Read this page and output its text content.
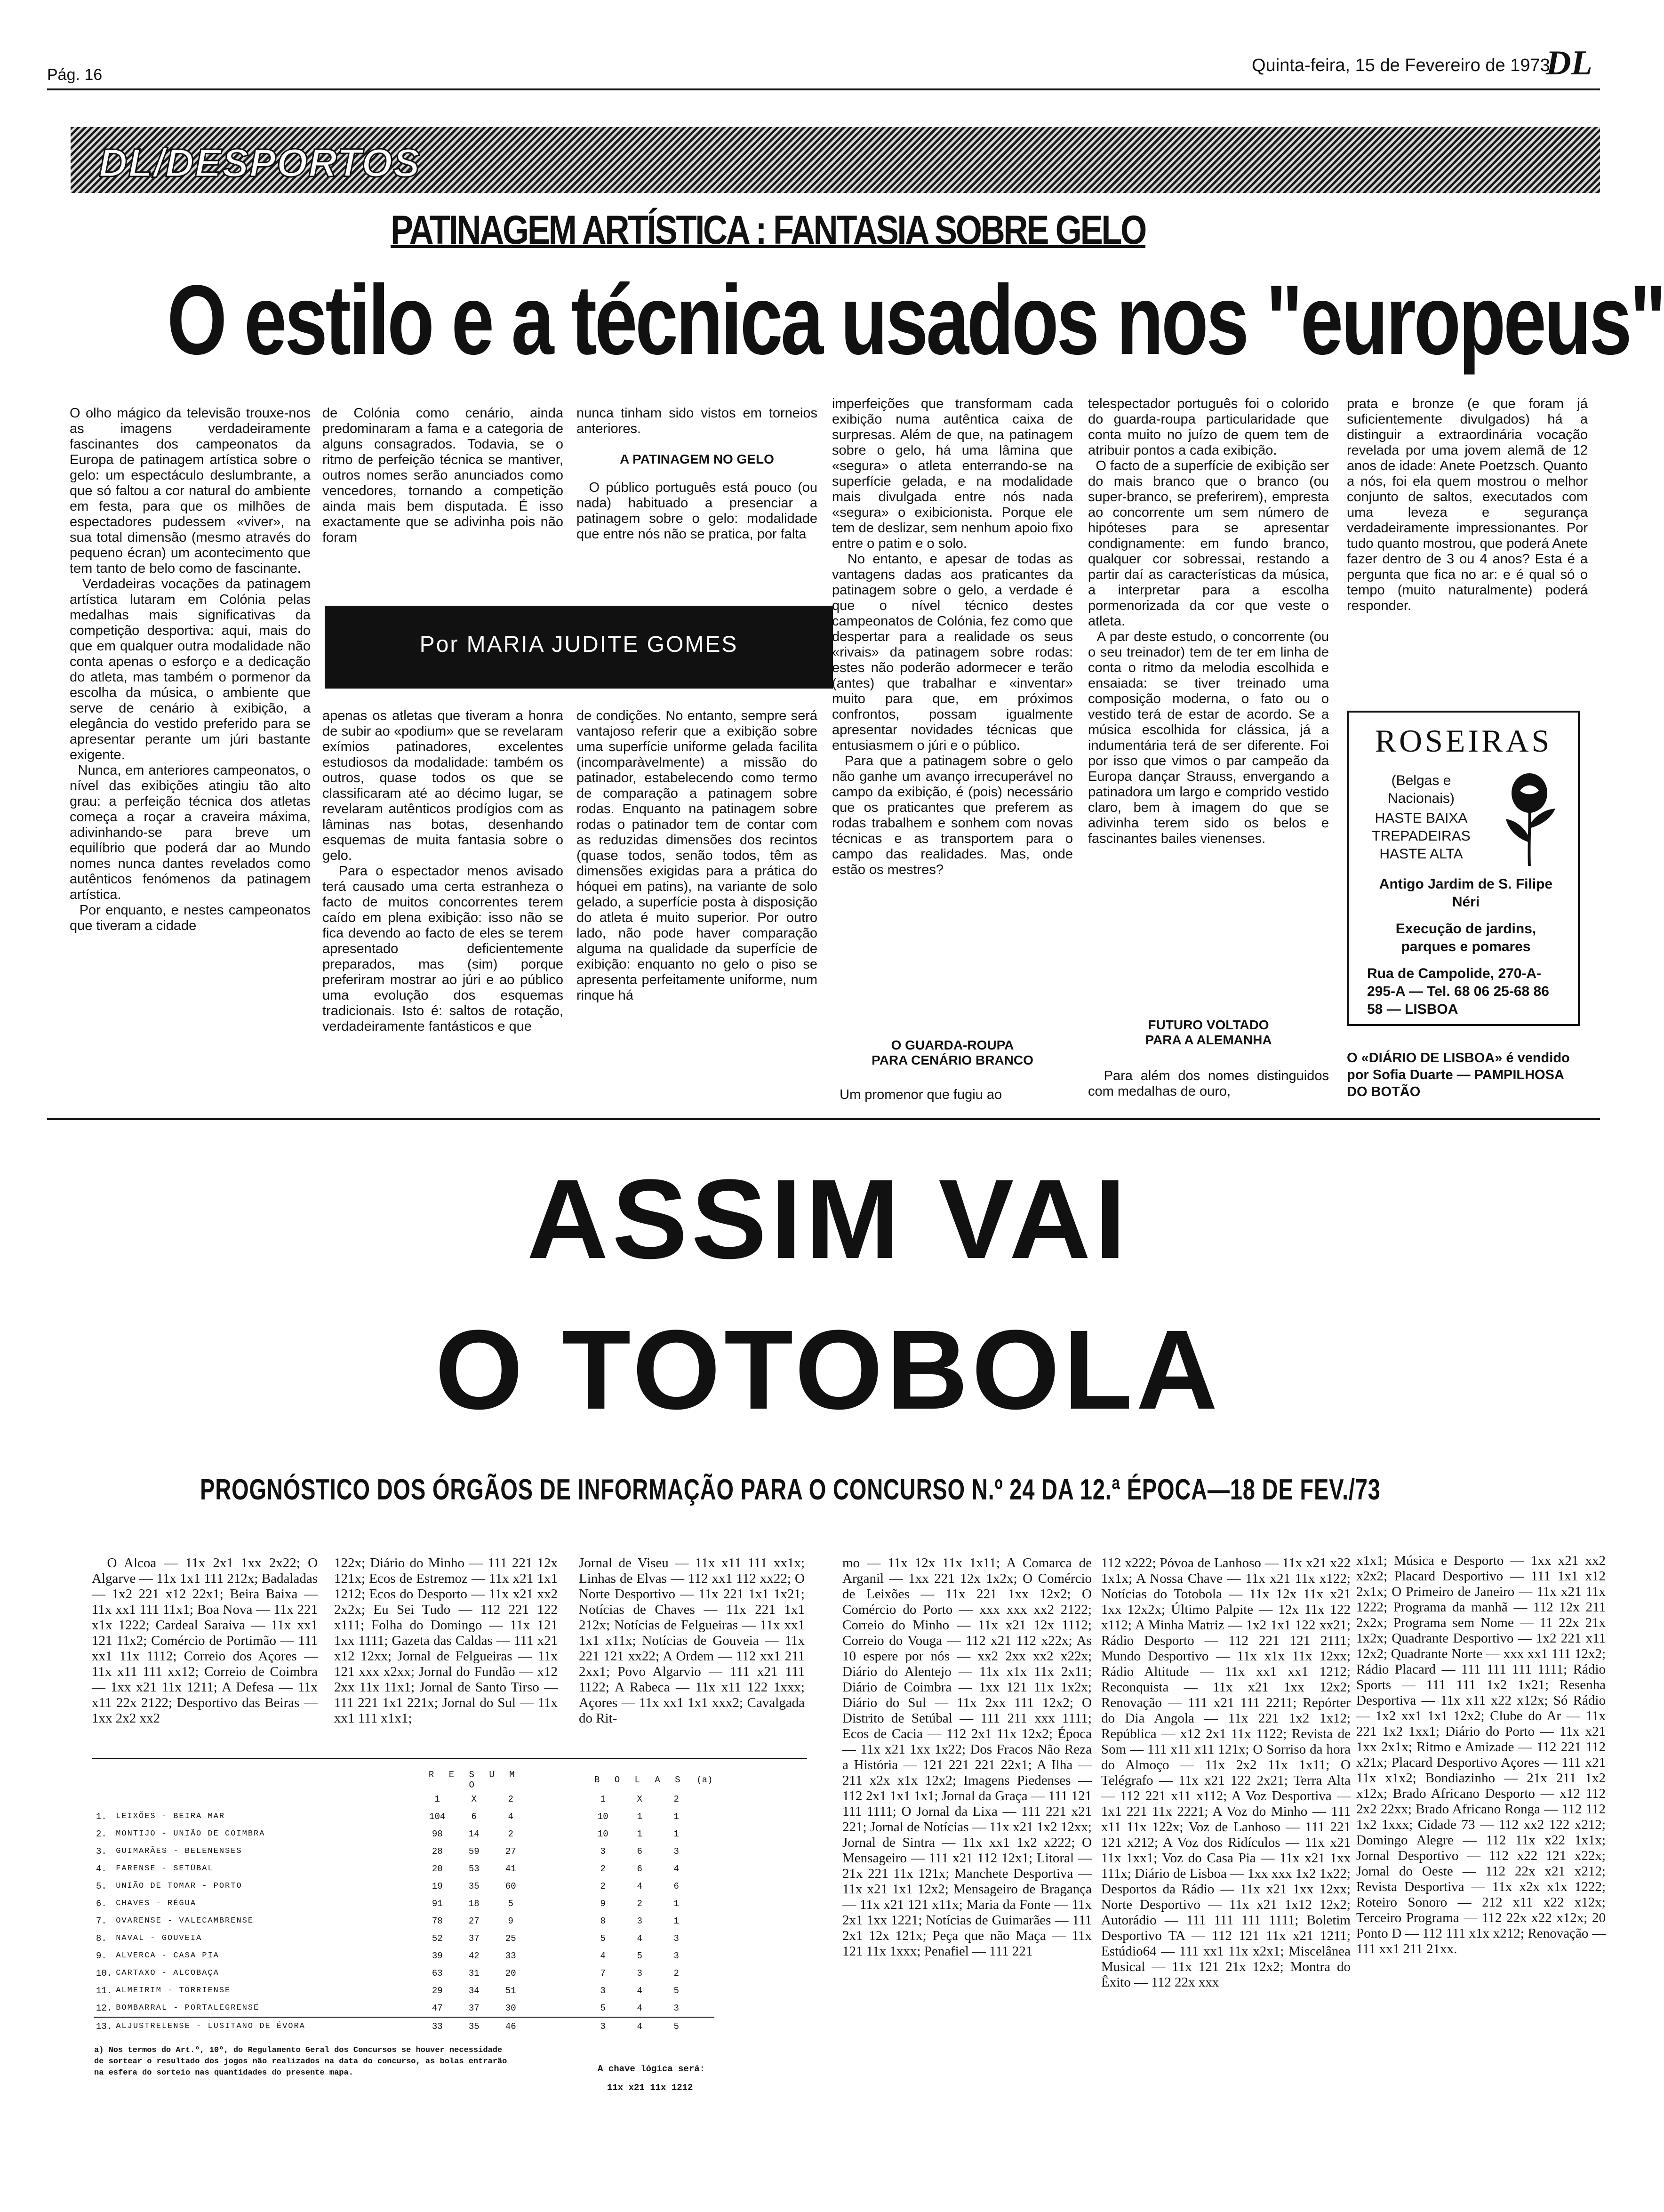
Pág. 16	Quinta-feira, 15 de Fevereiro de 1973
DL
DL/DESPORTOS
PATINAGEM ARTÍSTICA : FANTASIA SOBRE GELO
O estilo e a técnica usados nos "europeus"
O olho mágico da televisão trouxe-nos as imagens verdadeiramente fascinantes dos campeonatos da Europa de patinagem artística sobre o gelo: um espectáculo deslumbrante, a que só faltou a cor natural do ambiente em festa, para que os milhões de espectadores pudessem «viver», na sua total dimensão (mesmo através do pequeno écran) um acontecimento que tem tanto de belo como de fascinante.
Verdadeiras vocações da patinagem artística lutaram em Colónia pelas medalhas mais significativas da competição desportiva: aqui, mais do que em qualquer outra modalidade não conta apenas o esforço e a dedicação do atleta, mas também o pormenor da escolha da música, o ambiente que serve de cenário à exibição, a elegância do vestido preferido para se apresentar perante um júri bastante exigente.
Nunca, em anteriores campeonatos, o nível das exibições atingiu tão alto grau: a perfeição técnica dos atletas começa a roçar a craveira máxima, adivinhando-se para breve um equilíbrio que poderá dar ao Mundo nomes nunca dantes revelados como autênticos fenómenos da patinagem artística.
Por enquanto, e nestes campeonatos que tiveram a cidade
de Colónia como cenário, ainda predominaram a fama e a categoria de alguns consagrados. Todavia, se o ritmo de perfeição técnica se mantiver, outros nomes serão anunciados como vencedores, tornando a competição ainda mais bem disputada. É isso exactamente que se adivinha pois não foram
Por MARIA JUDITE GOMES
apenas os atletas que tiveram a honra de subir ao «podium» que se revelaram exímios patinadores, excelentes estudiosos da modalidade: também os outros, quase todos os que se classificaram até ao décimo lugar, se revelaram autênticos prodígios com as lâminas nas botas, desenhando esquemas de muita fantasia sobre o gelo.
Para o espectador menos avisado terá causado uma certa estranheza o facto de muitos concorrentes terem caído em plena exibição: isso não se fica devendo ao facto de eles se terem apresentado deficientemente preparados, mas (sim) porque preferiram mostrar ao júri e ao público uma evolução dos esquemas tradicionais. Isto é: saltos de rotação, verdadeiramente fantásticos e que
nunca tinham sido vistos em torneios anteriores.
A PATINAGEM NO GELO
O público português está pouco (ou nada) habituado a presenciar a patinagem sobre o gelo: modalidade que entre nós não se pratica, por falta
de condições. No entanto, sempre será vantajoso referir que a exibição sobre uma superfície uniforme gelada facilita (incomparàvelmente) a missão do patinador, estabelecendo como termo de comparação a patinagem sobre rodas. Enquanto na patinagem sobre rodas o patinador tem de contar com as reduzidas dimensões dos recintos (quase todos, senão todos, têm as dimensões exigidas para a prática do hóquei em patins), na variante de solo gelado, a superfície posta à disposição do atleta é muito superior. Por outro lado, não pode haver comparação alguma na qualidade da superfície de exibição: enquanto no gelo o piso se apresenta perfeitamente uniforme, num rinque há
imperfeições que transformam cada exibição numa autêntica caixa de surpresas. Além de que, na patinagem sobre o gelo, há uma lâmina que «segura» o atleta enterrando-se na superfície gelada, e na modalidade mais divulgada entre nós nada «segura» o exibicionista. Porque ele tem de deslizar, sem nenhum apoio fixo entre o patim e o solo.
No entanto, e apesar de todas as vantagens dadas aos praticantes da patinagem sobre o gelo, a verdade é que o nível técnico destes campeonatos de Colónia, fez como que despertar para a realidade os seus «rivais» da patinagem sobre rodas: estes não poderão adormecer e terão (antes) que trabalhar e «inventar» muito para que, em próximos confrontos, possam igualmente apresentar novidades técnicas que entusiasmem o júri e o público.
Para que a patinagem sobre o gelo não ganhe um avanço irrecuperável no campo da exibição, é (pois) necessário que os praticantes que preferem as rodas trabalhem e sonhem com novas técnicas e as transportem para o campo das realidades. Mas, onde estão os mestres?
O GUARDA-ROUPA
PARA CENÁRIO BRANCO
Um promenor que fugiu ao
telespectador português foi o colorido do guarda-roupa particularidade que conta muito no juízo de quem tem de atribuir pontos a cada exibição.
O facto de a superfície de exibição ser do mais branco que o branco (ou super-branco, se preferirem), empresta ao concorrente um sem número de hipóteses para se apresentar condignamente: em fundo branco, qualquer cor sobressai, restando a partir daí as características da música, a interpretar para a escolha pormenorizada da cor que veste o atleta.
A par deste estudo, o concorrente (ou o seu treinador) tem de ter em linha de conta o ritmo da melodia escolhida e ensaiada: se tiver treinado uma composição moderna, o fato ou o vestido terá de estar de acordo. Se a música escolhida for clássica, já a indumentária terá de ser diferente. Foi por isso que vimos o par campeão da Europa dançar Strauss, envergando a patinadora um largo e comprido vestido claro, bem à imagem do que se adivinha terem sido os belos e fascinantes bailes vienenses.
FUTURO VOLTADO
PARA A ALEMANHA
Para além dos nomes distinguidos com medalhas de ouro,
prata e bronze (e que foram já suficientemente divulgados) há a distinguir a extraordinária vocação revelada por uma jovem alemã de 12 anos de idade: Anete Poetzsch. Quanto a nós, foi ela quem mostrou o melhor conjunto de saltos, executados com uma leveza e segurança verdadeiramente impressionantes. Por tudo quanto mostrou, que poderá Anete fazer dentro de 3 ou 4 anos? Esta é a pergunta que fica no ar: e é qual só o tempo (muito naturalmente) poderá responder.
ROSEIRAS
(Belgas e Nacionais)
HASTE BAIXA
TREPADEIRAS
HASTE ALTA
Antigo Jardim de S. Filipe Néri
Execução de jardins, parques e pomares
Rua de Campolide, 270-A-295-A — Tel. 68 06 25-68 86 58 — LISBOA
O «DIÁRIO DE LISBOA» é vendido por Sofia Duarte — PAMPILHOSA DO BOTÃO
ASSIM VAI
O TOTOBOLA
PROGNÓSTICO DOS ÓRGÃOS DE INFORMAÇÃO PARA O CONCURSO N.º 24 DA 12.ª ÉPOCA—18 DE FEV./73
O Alcoa — 11x 2x1 1xx 2x22; O Algarve — 11x 1x1 111 212x; Badaladas — 1x2 221 x12 22x1; Beira Baixa — 11x xx1 111 11x1; Boa Nova — 11x 221 x1x 1222; Cardeal Saraiva — 11x xx1 121 11x2; Comércio de Portimão — 111 xx1 11x 1112; Correio dos Açores — 11x x11 111 xx12; Correio de Coimbra — 1xx x21 11x 1211; A Defesa — 11x x11 22x 2122; Desportivo das Beiras — 1xx 2x2 xx2
122x; Diário do Minho — 111 221 12x 121x; Ecos de Estremoz — 11x x21 1x1 1212; Ecos do Desporto — 11x x21 xx2 2x2x; Eu Sei Tudo — 112 221 122 x111; Folha do Domingo — 11x 121 1xx 1111; Gazeta das Caldas — 111 x21 x12 12xx; Jornal de Felgueiras — 11x 121 xxx x2xx; Jornal do Fundão — x12 2xx 11x 11x1; Jornal de Santo Tirso — 111 221 1x1 221x; Jornal do Sul — 11x xx1 111 x1x1;
Jornal de Viseu — 11x x11 111 xx1x; Linhas de Elvas — 112 xx1 112 xx22; O Norte Desportivo — 11x 221 1x1 1x21; Notícias de Chaves — 11x 221 1x1 212x; Notícias de Felgueiras — 11x xx1 1x1 x11x; Notícias de Gouveia — 11x 221 121 xx22; A Ordem — 112 xx1 211 2xx1; Povo Algarvio — 111 x21 111 1122; A Rabeca — 11x x11 122 1xxx; Açores — 11x xx1 1x1 xxx2; Cavalgada do Rit-
mo — 11x 12x 11x 1x11; A Comarca de Arganil — 1xx 221 12x 1x2x; O Comércio de Leixões — 11x 221 1xx 12x2; O Comércio do Porto — xxx xxx xx2 2122; Correio do Minho — 11x x21 12x 1112; Correio do Vouga — 112 x21 112 x22x; As 10 espere por nós — xx2 2xx xx2 x22x; Diário do Alentejo — 11x x1x 11x 2x11; Diário de Coimbra — 1xx 121 11x 1x2x; Diário do Sul — 11x 2xx 111 12x2; O Distrito de Setúbal — 111 211 xxx 1111; Ecos de Cacia — 112 2x1 11x 12x2; Época — 11x x21 1xx 1x22; Dos Fracos Não Reza a História — 121 221 221 22x1; A Ilha — 211 x2x x1x 12x2; Imagens Piedenses — 112 2x1 1x1 1x1; Jornal da Graça — 111 121 111 1111; O Jornal da Lixa — 111 221 x21 221; Jornal de Notícias — 11x x21 1x2 12xx; Jornal de Sintra — 11x xx1 1x2 x222; O Mensageiro — 111 x21 112 12x1; Litoral — 21x 221 11x 121x; Manchete Desportiva — 11x x21 1x1 12x2; Mensageiro de Bragança — 11x x21 121 x11x; Maria da Fonte — 11x 2x1 1xx 1221; Notícias de Guimarães — 111 2x1 12x 121x; Peça que não Maça — 11x 121 11x 1xxx; Penafiel — 111 221
112 x222; Póvoa de Lanhoso — 11x x21 x22 1x1x; A Nossa Chave — 11x x21 11x x122; Notícias do Totobola — 11x 12x 11x x21 1xx 12x2x; Último Palpite — 12x 11x 122 x112; A Minha Matriz — 1x2 1x1 122 xx21; Rádio Desporto — 112 221 121 2111; Mundo Desportivo — 11x x1x 11x 12xx; Rádio Altitude — 11x xx1 xx1 1212; Reconquista — 11x x21 1xx 12x2; Renovação — 111 x21 111 2211; Repórter do Dia Angola — 11x 221 1x2 1x12; República — x12 2x1 11x 1122; Revista de Som — 111 x11 x11 121x; O Sorriso da hora do Almoço — 11x 2x2 11x 1x11; O Telégrafo — 11x x21 122 2x21; Terra Alta — 112 221 x11 x112; A Voz Desportiva — 1x1 221 11x 2221; A Voz do Minho — 111 x11 11x 122x; Voz de Lanhoso — 111 221 121 x212; A Voz dos Ridículos — 11x x21 11x 1xx1; Voz do Casa Pia — 11x x21 1xx 111x; Diário de Lisboa — 1xx xxx 1x2 1x22; Desportos da Rádio — 11x x21 1xx 12xx; Norte Desportivo — 11x x21 1x12 12x2; Autorádio — 111 111 111 1111; Boletim Desportivo TA — 112 121 11x x21 1211; Estúdio64 — 111 xx1 11x x2x1; Miscelânea Musical — 11x 121 21x 12x2; Montra do Êxito — 112 22x xxx
x1x1; Música e Desporto — 1xx x21 xx2 x2x2; Placard Desportivo — 111 1x1 x12 2x1x; O Primeiro de Janeiro — 11x x21 11x 1222; Programa da manhã — 112 12x 211 2x2x; Programa sem Nome — 11 22x 21x 1x2x; Quadrante Desportivo — 1x2 221 x11 12x2; Quadrante Norte — xxx xx1 111 12x2; Rádio Placard — 111 111 111 1111; Rádio Sports — 111 111 1x2 1x21; Resenha Desportiva — 11x x11 x22 x12x; Só Rádio — 1x2 xx1 1x1 12x2; Clube do Ar — 11x 221 1x2 1xx1; Diário do Porto — 11x x21 1xx 2x1x; Ritmo e Amizade — 112 221 112 x21x; Placard Desportivo Açores — 111 x21 11x x1x2; Bondiazinho — 21x 211 1x2 x12x; Brado Africano Desporto — x12 112 2x2 22xx; Brado Africano Ronga — 112 112 1x2 1xxx; Cidade 73 — 112 xx2 122 x212; Domingo Alegre — 112 11x x22 1x1x; Jornal Desportivo — 112 x22 121 x22x; Jornal do Oeste — 112 22x x21 x212; Revista Desportiva — 11x x2x x1x 1222; Roteiro Sonoro — 212 x11 x22 x12x; Terceiro Programa — 112 22x x22 x12x; 20 Ponto D — 112 111 x1x x212; Renovação — 111 xx1 211 21xx.
		R E S U M O				B O L A S			(a)
		1	X	2		1	X	2	
1.	LEIXÕES - BEIRA MAR	104	6	4		10	1	1	
2.	MONTIJO - UNIÃO DE COIMBRA	98	14	2		10	1	1	
3.	GUIMARÃES - BELENENSES	28	59	27		3	6	3	
4.	FARENSE - SETÚBAL	20	53	41		2	6	4	
5.	UNIÃO DE TOMAR - PORTO	19	35	60		2	4	6	
6.	CHAVES - RÉGUA	91	18	5		9	2	1	
7.	OVARENSE - VALECAMBRENSE	78	27	9		8	3	1	
8.	NAVAL - GOUVEIA	52	37	25		5	4	3	
9.	ALVERCA - CASA PIA	39	42	33		4	5	3	
10.	CARTAXO - ALCOBAÇA	63	31	20		7	3	2	
11.	ALMEIRIM - TORRIENSE	29	34	51		3	4	5	
12.	BOMBARRAL - PORTALEGRENSE	47	37	30		5	4	3	
13.	ALJUSTRELENSE - LUSITANO DE ÉVORA	33	35	46		3	4	5	
a) Nos termos do Art.º, 10º, do Regulamento Geral dos Concursos se houver necessidade de sortear o resultado dos jogos não realizados na data do concurso, as bolas entrarão na esfera do sorteio nas quantidades do presente mapa.	A chave lógica será:
11x x21 11x 1212
